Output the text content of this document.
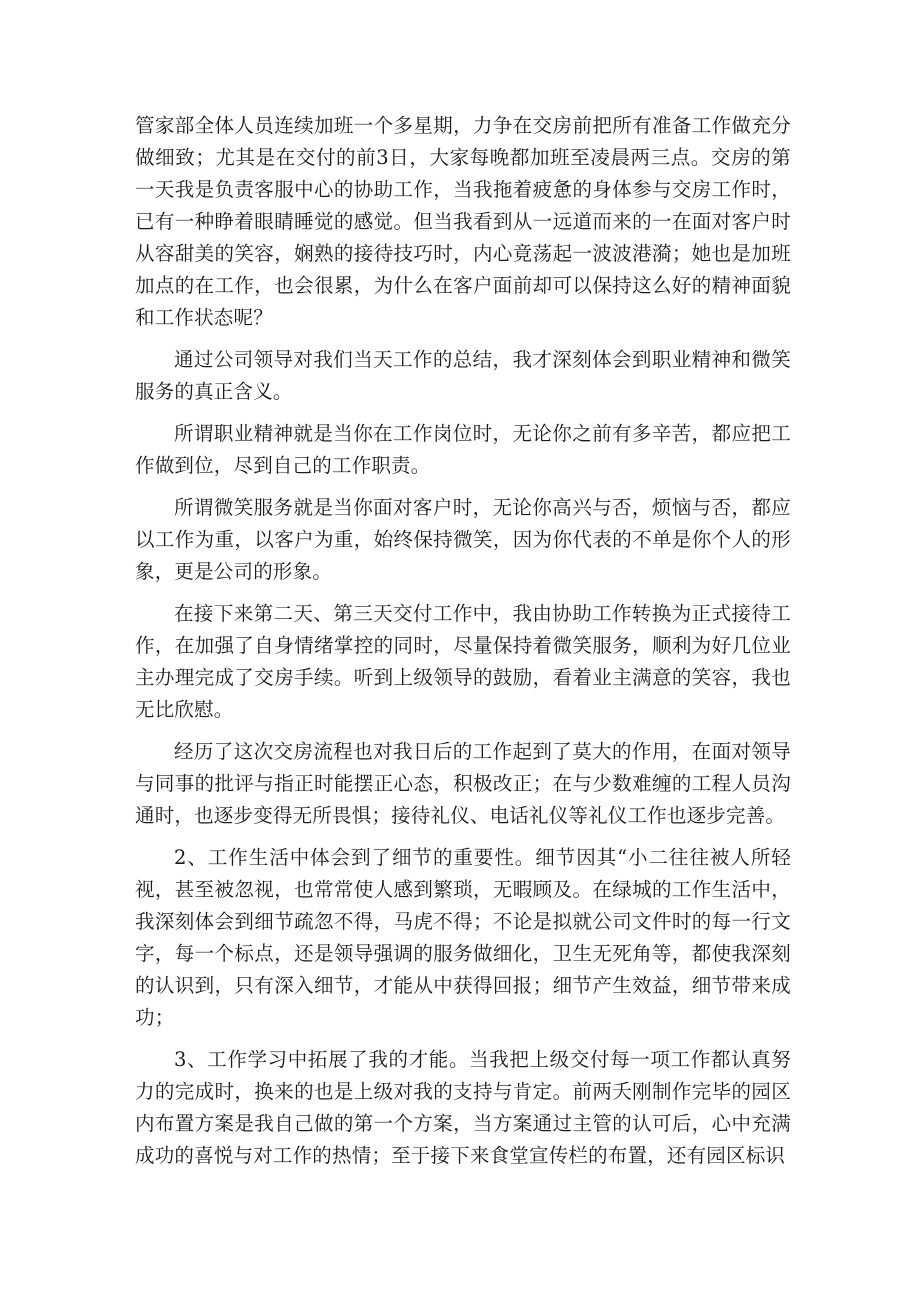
管家部全体人员连续加班一个多星期，力争在交房前把所有准备工作做充分做细致；尤其是在交付的前3日，大家每晚都加班至凌晨两三点。交房的第一天我是负责客服中心的协助工作，当我拖着疲惫的身体参与交房工作时，已有一种睁着眼睛睡觉的感觉。但当我看到从一远道而来的一在面对客户时从容甜美的笑容，娴熟的接待技巧时，内心竟荡起一波波港漪；她也是加班加点的在工作，也会很累，为什么在客户面前却可以保持这么好的精神面貌和工作状态呢？

通过公司领导对我们当天工作的总结，我才深刻体会到职业精神和微笑服务的真正含义。

所谓职业精神就是当你在工作岗位时，无论你之前有多辛苦，都应把工作做到位，尽到自己的工作职责。

所谓微笑服务就是当你面对客户时，无论你高兴与否，烦恼与否，都应以工作为重，以客户为重，始终保持微笑，因为你代表的不单是你个人的形象，更是公司的形象。

在接下来第二天、第三天交付工作中，我由协助工作转换为正式接待工作，在加强了自身情绪掌控的同时，尽量保持着微笑服务，顺利为好几位业主办理完成了交房手续。听到上级领导的鼓励，看着业主满意的笑容，我也无比欣慰。

经历了这次交房流程也对我日后的工作起到了莫大的作用，在面对领导与同事的批评与指正时能摆正心态，积极改正；在与少数难缠的工程人员沟通时，也逐步变得无所畏惧；接待礼仪、电话礼仪等礼仪工作也逐步完善。

2、工作生活中体会到了细节的重要性。细节因其“小二往往被人所轻视，甚至被忽视，也常常使人感到繁琐，无暇顾及。在绿城的工作生活中，我深刻体会到细节疏忽不得，马虎不得；不论是拟就公司文件时的每一行文字，每一个标点，还是领导强调的服务做细化，卫生无死角等，都使我深刻的认识到，只有深入细节，才能从中获得回报；细节产生效益，细节带来成功；

3、工作学习中拓展了我的才能。当我把上级交付每一项工作都认真努力的完成时，换来的也是上级对我的支持与肯定。前两夭刚制作完毕的园区内布置方案是我自己做的第一个方案，当方案通过主管的认可后，心中充满成功的喜悦与对工作的热情；至于接下来食堂宣传栏的布置，还有园区标识
